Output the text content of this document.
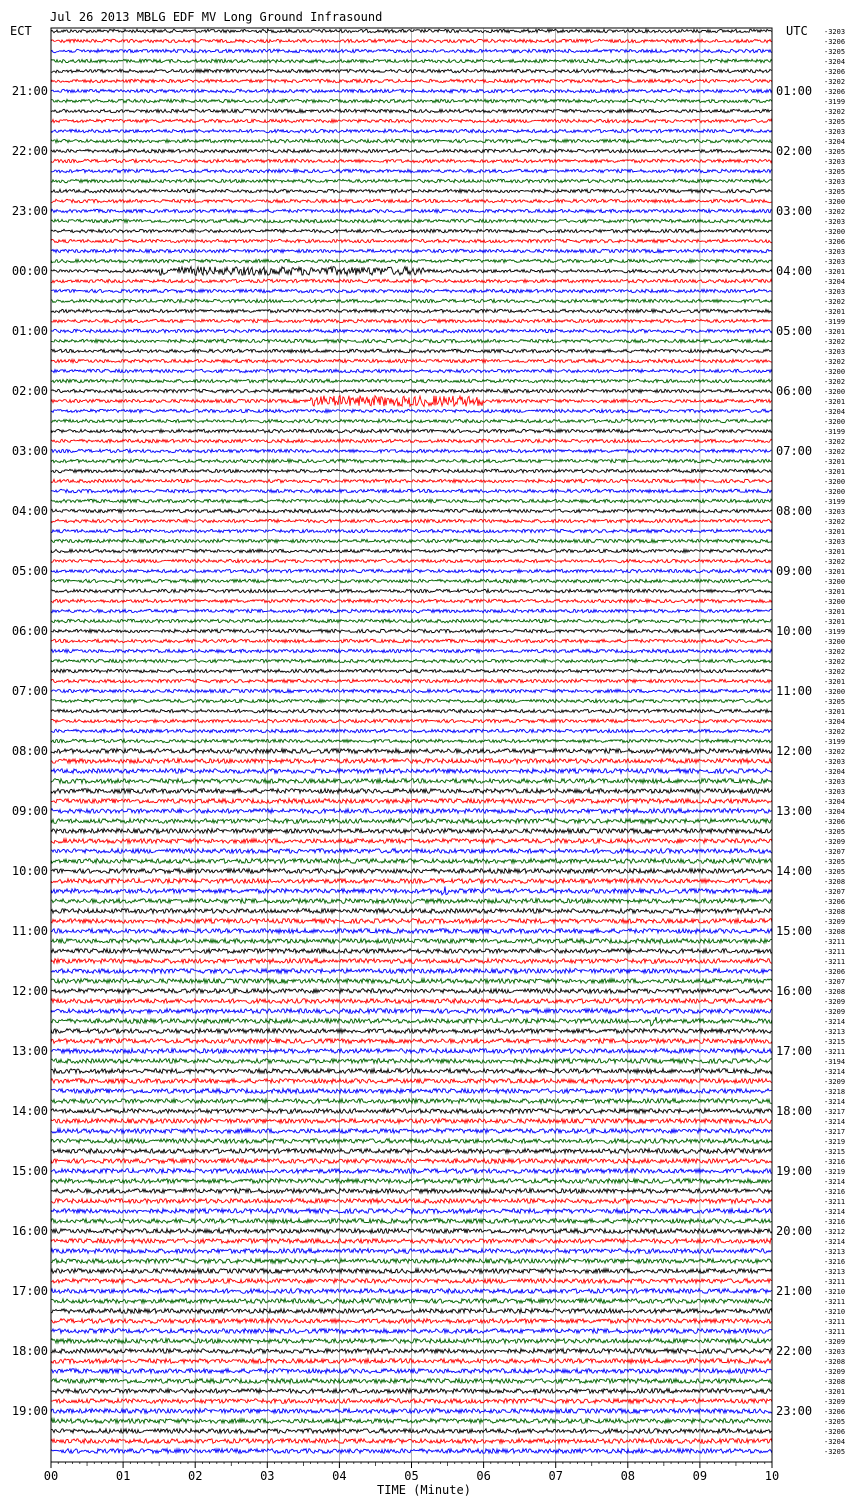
Jul 26 2013 MBLG EDF MV Long Ground Infrasound
ECT	UTC
21:00
22:00
23:00
00:00
01:00
02:00
03:00
04:00
05:00
06:00
07:00
08:00
09:00
10:00
11:00
12:00
13:00
14:00
15:00
16:00
17:00
18:00
19:00
01:00
02:00
03:00
04:00
05:00
06:00
07:00
08:00
09:00
10:00
11:00
12:00
13:00
14:00
15:00
16:00
17:00
18:00
19:00
20:00
21:00
22:00
23:00
-3203
-3206
-3205
-3204
-3206
-3202
-3206
-3199
-3202
-3205
-3203
-3204
-3205
-3203
-3205
-3203
-3205
-3200
-3202
-3203
-3200
-3206
-3203
-3203
-3201
-3204
-3203
-3202
-3201
-3199
-3201
-3202
-3203
-3202
-3200
-3202
-3200
-3201
-3204
-3200
-3199
-3202
-3202
-3201
-3201
-3200
-3200
-3199
-3203
-3202
-3201
-3203
-3201
-3202
-3201
-3200
-3201
-3200
-3201
-3201
-3199
-3200
-3202
-3202
-3202
-3201
-3200
-3205
-3201
-3204
-3202
-3199
-3202
-3203
-3204
-3203
-3203
-3204
-3204
-3206
-3205
-3209
-3207
-3205
-3205
-3208
-3207
-3206
-3208
-3209
-3208
-3211
-3211
-3211
-3206
-3207
-3208
-3209
-3209
-3214
-3213
-3215
-3211
-3194
-3214
-3209
-3218
-3214
-3217
-3214
-3217
-3219
-3215
-3216
-3219
-3214
-3216
-3211
-3214
-3216
-3212
-3214
-3213
-3216
-3213
-3211
-3210
-3211
-3210
-3211
-3211
-3209
-3203
-3208
-3209
-3208
-3201
-3209
-3206
-3205
-3206
-3204
-3205
00	01	02	03	04	05	06	07	08	09	10
TIME (Minute)
